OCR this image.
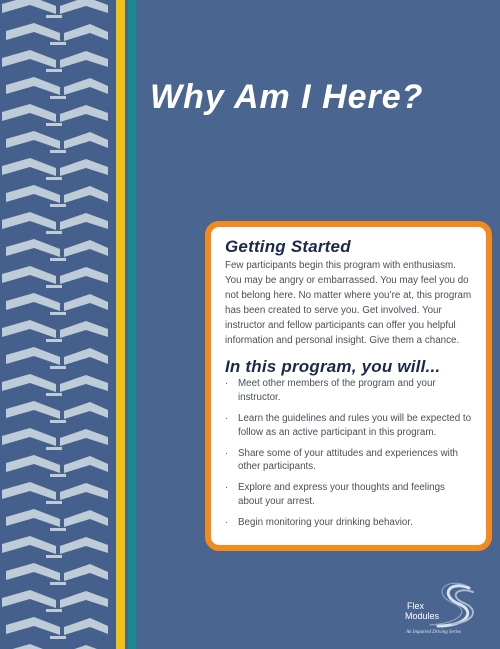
Why Am I Here?
Getting Started

Few participants begin this program with enthusiasm. You may be angry or embarrassed. You may feel you do not belong here. No matter where you’re at, this program has been created to serve you. Get involved. Your instructor and fellow participants can offer you helpful information and personal insight. Give them a chance.

In this program, you will...
· Meet other members of the program and your instructor.
· Learn the guidelines and rules you will be expected to follow as an active participant in this program.
· Share some of your attitudes and experiences with other participants.
· Explore and express your thoughts and feelings about your arrest.
· Begin monitoring your drinking behavior.
Flex
Modules
An Impaired Driving Series
